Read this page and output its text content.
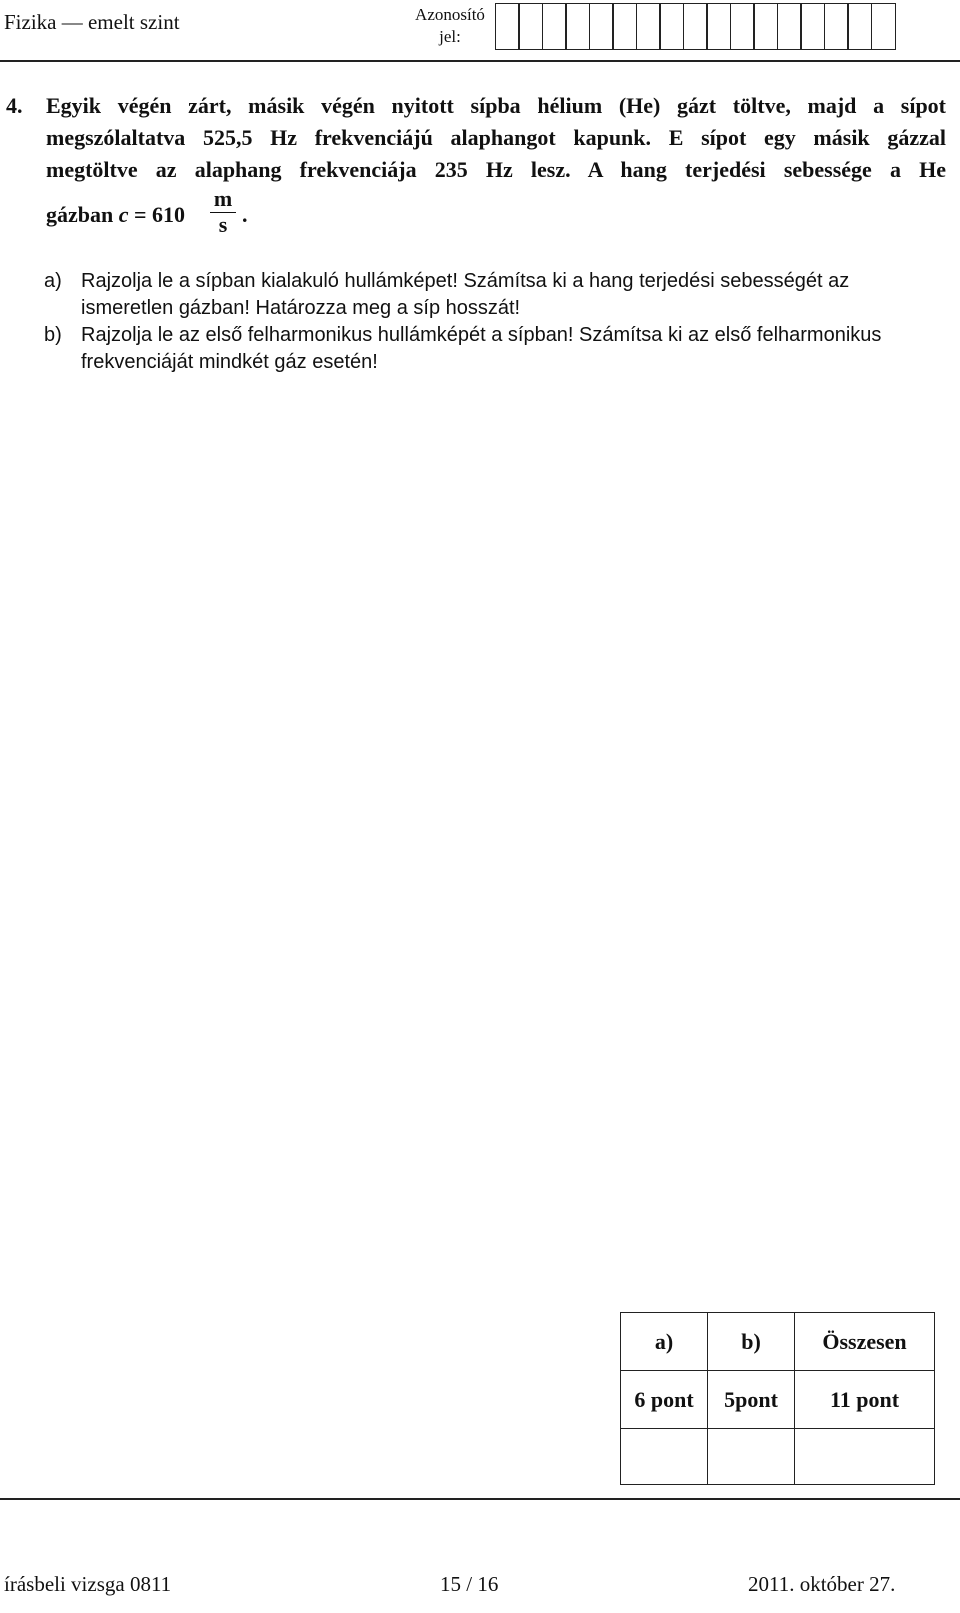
Fizika — emelt szint	Azonosító
jel:
4. Egyik végén zárt, másik végén nyitott sípba hélium (He) gázt töltve, majd a sípot
megszólaltatva 525,5 Hz frekvenciájú alaphangot kapunk. E sípot egy másik gázzal
megtöltve az alaphang frekvenciája 235 Hz lesz. A hang terjedési sebessége a He
gázban c = 610
m
s .
a) Rajzolja le a sípban kialakuló hullámképet! Számítsa ki a hang terjedési sebességét az ismeretlen gázban! Határozza meg a síp hosszát!
b) Rajzolja le az első felharmonikus hullámképét a sípban! Számítsa ki az első felharmonikus frekvenciáját mindkét gáz esetén!
a)	b)	Összesen
6 pont	5pont	11 pont

írásbeli vizsga 0811	15 / 16	2011. október 27.
